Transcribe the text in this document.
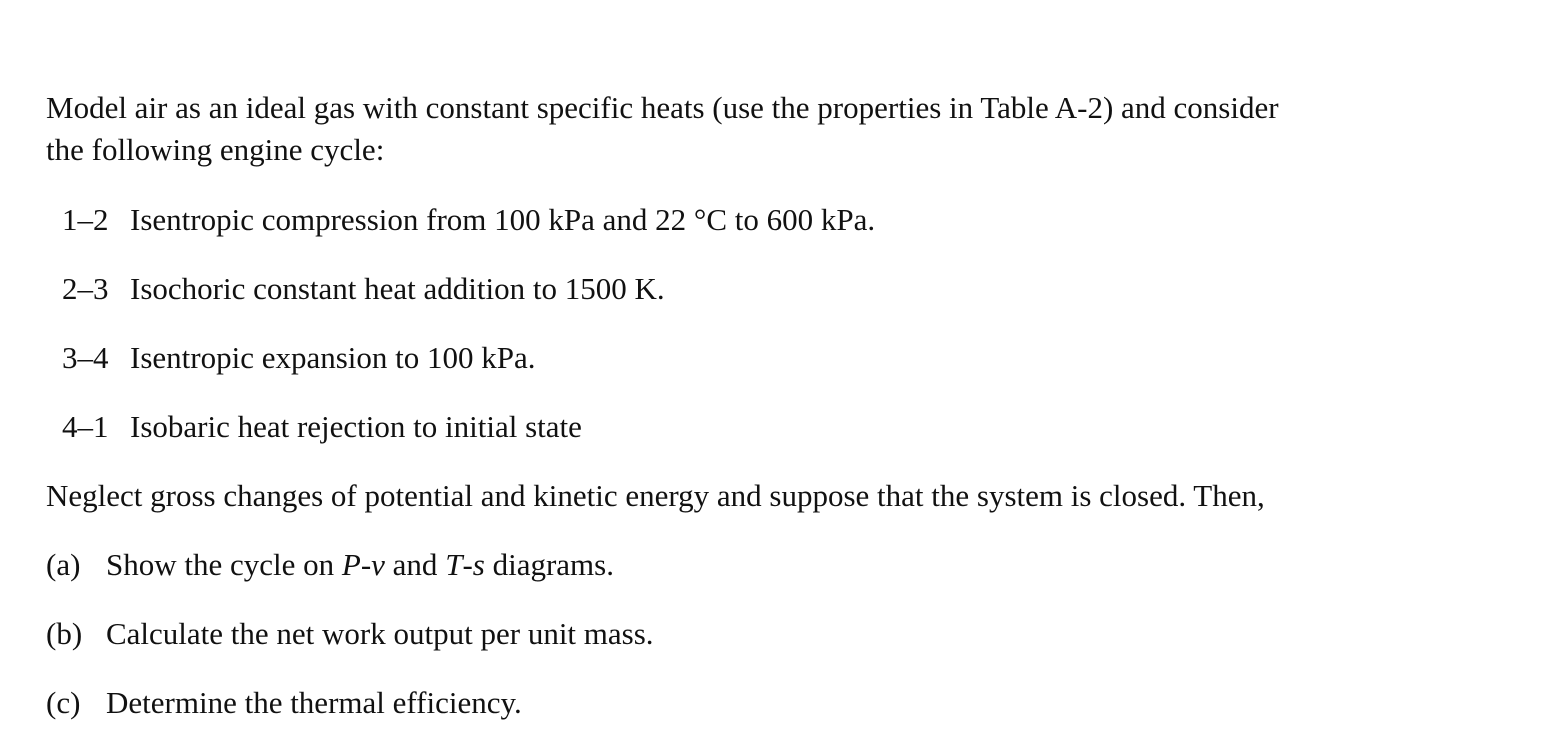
Model air as an ideal gas with constant specific heats (use the properties in Table A-2) and consider
the following engine cycle:

1–2 Isentropic compression from 100 kPa and 22 °C to 600 kPa.
2–3 Isochoric constant heat addition to 1500 K.
3–4 Isentropic expansion to 100 kPa.
4–1 Isobaric heat rejection to initial state

Neglect gross changes of potential and kinetic energy and suppose that the system is closed. Then,

(a) Show the cycle on P-ν and T-s diagrams.
(b) Calculate the net work output per unit mass.
(c) Determine the thermal efficiency.
